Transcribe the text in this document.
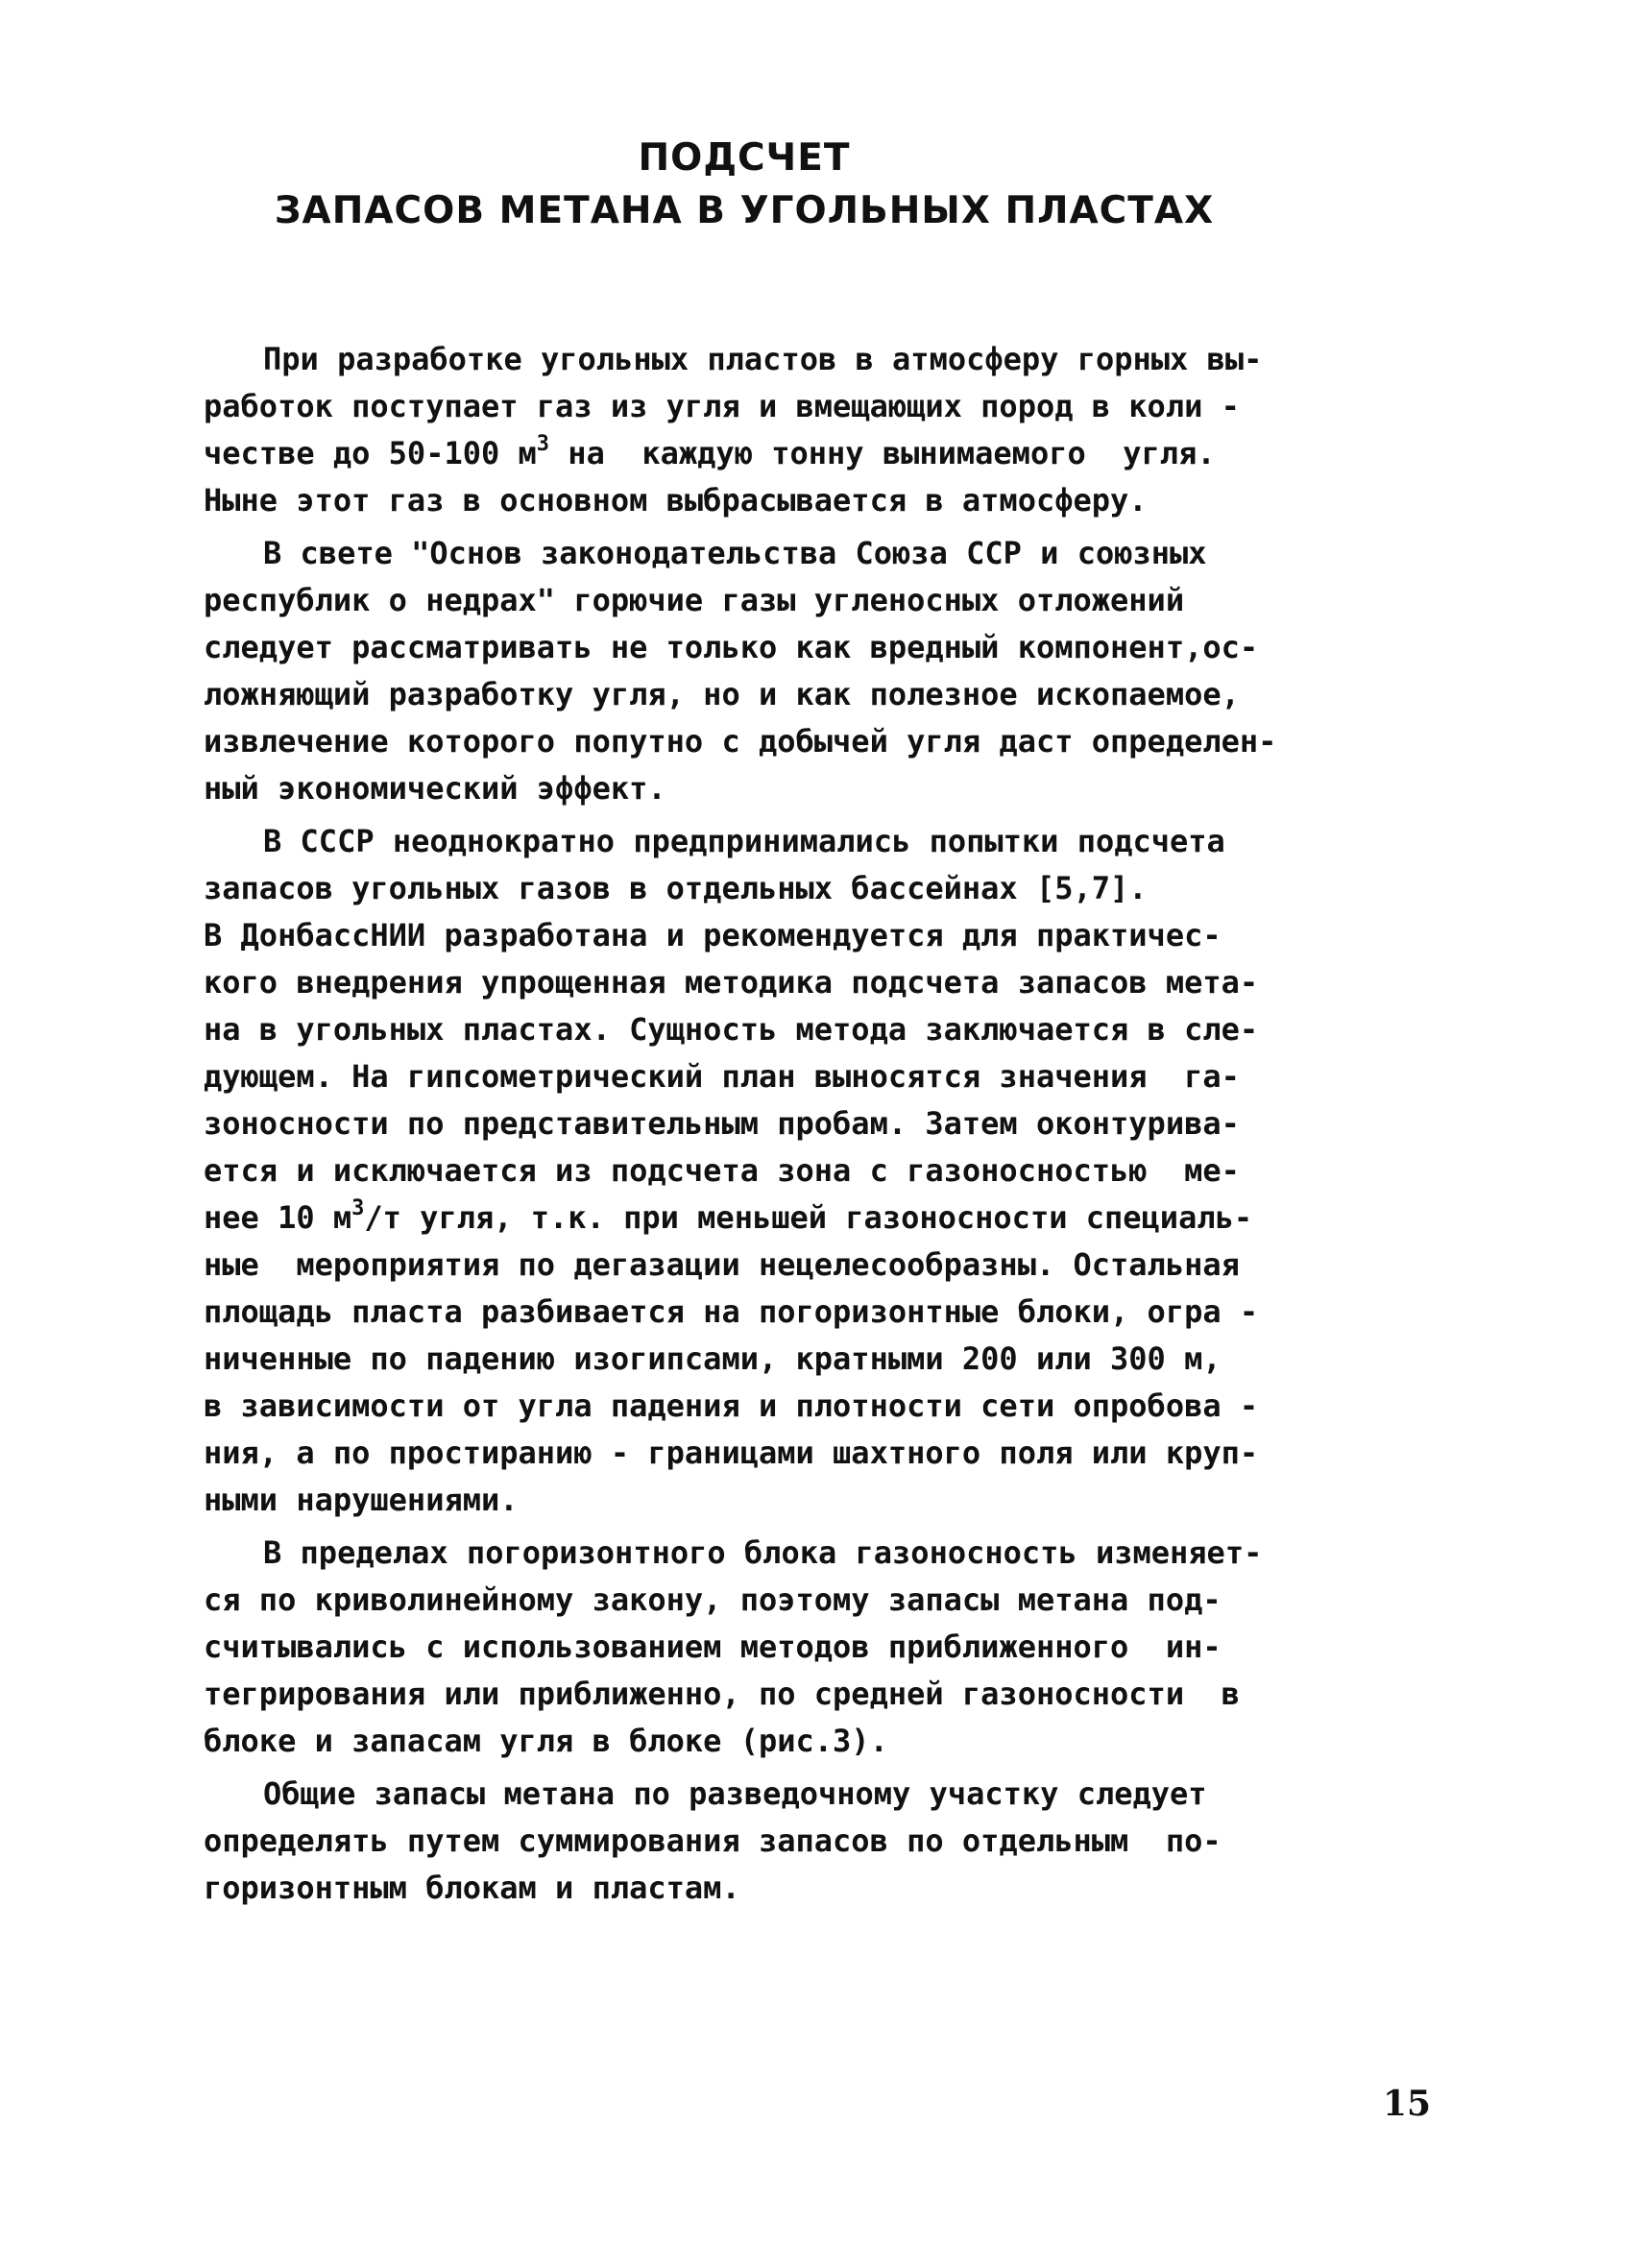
ПОДСЧЕТ
ЗАПАСОВ МЕТАНА В УГОЛЬНЫХ ПЛАСТАХ

При разработке угольных пластов в атмосферу горных вы-
работок поступает газ из угля и вмещающих пород в коли -
честве до 50-100 $м^3$ на  каждую тонну вынимаемого  угля.
Ныне этот газ в основном выбрасывается в атмосферу.

В свете "Основ законодательства Союза ССР и союзных
республик о недрах" горючие газы угленосных отложений
следует рассматривать не только как вредный компонент,ос-
ложняющий разработку угля, но и как полезное ископаемое,
извлечение которого попутно с добычей угля даст определен-
ный экономический эффект.

В СССР неоднократно предпринимались попытки подсчета
запасов угольных газов в отдельных бассейнах [5,7].

В ДонбассНИИ разработана и рекомендуется для практичес-
кого внедрения упрощенная методика подсчета запасов мета-
на в угольных пластах. Сущность метода заключается в сле-
дующем. На гипсометрический план выносятся значения  га-
зоносности по представительным пробам. Затем оконтурива-
ется и исключается из подсчета зона с газоносностью  ме-
нее 10 $м^3/т$ угля, т.к. при меньшей газоносности специаль-
ные  мероприятия по дегазации нецелесообразны. Остальная
площадь пласта разбивается на погоризонтные блоки, огра -
ниченные по падению изогипсами, кратными 200 или 300 м,
в зависимости от угла падения и плотности сети опробова -
ния, а по простиранию - границами шахтного поля или круп-
ными нарушениями.

В пределах погоризонтного блока газоносность изменяет-
ся по криволинейному закону, поэтому запасы метана под-
считывались с использованием методов приближенного  ин-
тегрирования или приближенно, по средней газоносности  в
блоке и запасам угля в блоке (рис.3).

Общие запасы метана по разведочному участку следует
определять путем суммирования запасов по отдельным  по-
горизонтным блокам и пластам.

15
